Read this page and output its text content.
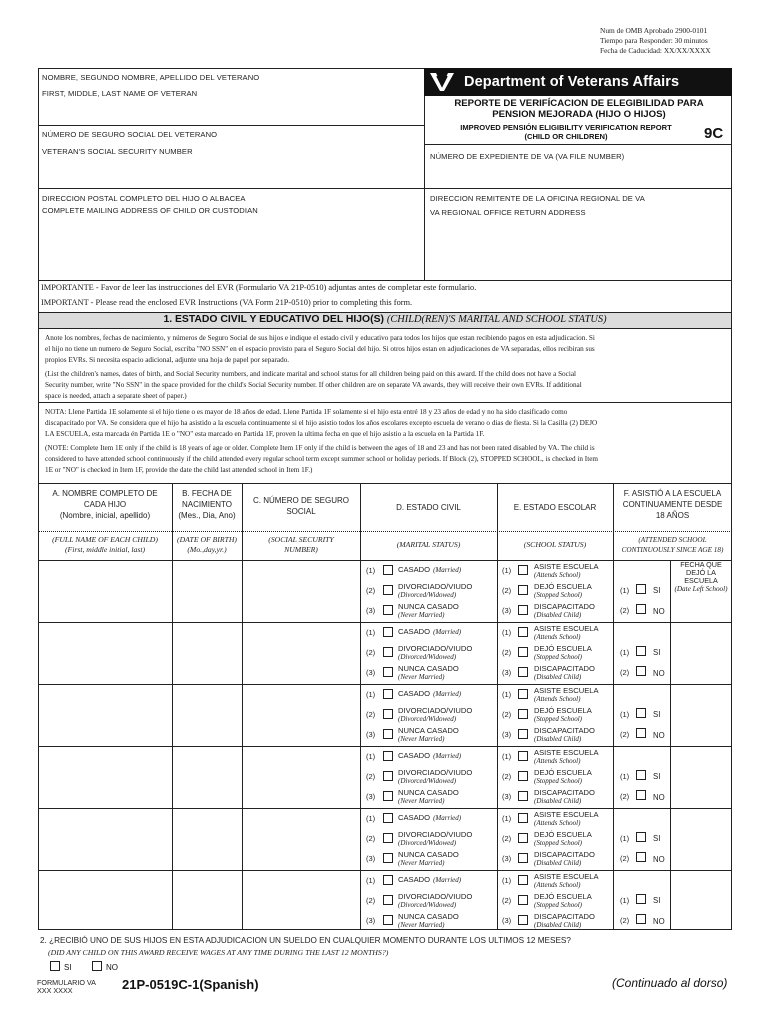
Num de OMB Aprobado 2900-0101
Tiempo para Responder: 30 minutos
Fecha de Caducidad: XX/XX/XXXX
Department of Veterans Affairs
REPORTE DE VERIFÍCACION DE ELEGIBILIDAD PARA
PENSION MEJORADA (HIJO O HIJOS)
IMPROVED PENSIÓN ELIGIBILITY VERIFICATION REPORT
(CHILD OR CHILDREN)	9C
NOMBRE, SEGUNDO NOMBRE, APELLIDO DEL VETERANO
FIRST, MIDDLE, LAST NAME OF VETERAN
NÚMERO DE SEGURO SOCIAL DEL VETERANO
VETERAN'S SOCIAL SECURITY NUMBER
NÚMERO DE EXPEDIENTE DE VA (VA FILE NUMBER)
DIRECCION POSTAL COMPLETO DEL HIJO O ALBACEA
COMPLETE MAILING ADDRESS OF CHILD OR CUSTODIAN
DIRECCION REMITENTE DE LA OFICINA REGIONAL DE VA
VA REGIONAL OFFICE RETURN ADDRESS
IMPORTANTE - Favor de leer las instrucciones del EVR (Formulario VA 21P-0510) adjuntas antes de completar este formulario.
IMPORTANT - Please read the enclosed EVR Instructions (VA Form 21P-0510) prior to completing this form.
1. ESTADO CIVIL Y EDUCATIVO DEL HIJO(S) (CHILD(REN)'S MARITAL AND SCHOOL STATUS)
Anote los nombres, fechas de nacimiento, y números de Seguro Social de sus hijos e indique el estado civil y educativo para todos los hijos que estan recibiendo pagos en esta adjudicacion. Si
el hijo no tiene un numero de Seguro Social, escriba "NO SSN" en el espacio provisto para el Seguro Social del hijo. Si otros hijos estan en adjudicaciones de VA separadas, ellos recibiran sus
propios EVRs. Si necesita espacio adicional, adjunte una hoja de papel por separado.
(List the children's names, dates of birth, and Social Security numbers, and indicate marital and school status for all children being paid on this award. If the child does not have a Social
Security number, write "No SSN" in the space provided for the child's Social Security number. If other children are on separate VA awards, they will receive their own EVRs. If additional
space is needed, attach a separate sheet of paper.)
NOTA: Llene Partida 1E solamente si el hijo tiene o es mayor de 18 años de edad. Llene Partida 1F solamente si el hijo esta entré 18 y 23 años de edad y no ha sido clasificado como
discapacitado por VA. Se considera que el hijo ha asistido a la escuela continuamente si el hijo asistio todos los años escolares excepto escuela de verano o dias de fiesta. Si la Casilla (2) DEJO
LA ESCUELA, esta marcada én Partida 1E o "NO" esta marcado en Partida 1F, proven la ultima fecha en que el hijo asistio a la escuela en la Partida 1F.
(NOTE: Complete Item 1E only if the child is 18 years of age or older. Complete Item 1F only if the child is between the ages of 18 and 23 and has not been rated disabled by VA. The child is
considered to have attended school continuously if the child attended every regular school term except summer school or holiday periods. If Block (2), STOPPED SCHOOL, is checked in Item
1E or "NO" is checked in Item 1F, provide the date the child last attended school in Item 1F.)
A. NOMBRE COMPLETO DE
CADA HIJO
(Nombre, inicial, apellido)
B. FECHA DE
NACIMIENTO
(Mes., Dia, Ano)
C. NÚMERO DE SEGURO
SOCIAL	D. ESTADO CIVIL	E. ESTADO ESCOLAR
F. ASISTIÓ A LA ESCUELA
CONTINUAMENTE DESDE
18 AÑOS
(FULL NAME OF EACH CHILD)
(First, middle initial, last)
(DATE OF BIRTH)
(Mo.,day,yr.)
(SOCIAL SECURITY
NUMBER)
(MARITAL STATUS)	(SCHOOL STATUS)	(ATTENDED SCHOOL
CONTINUOUSLY SINCE AGE 18)
FECHA QUE
DEJÓ LA
ESCUELA
(Date Left School)
(1)	CASADO (Married)	(1)	ASISTE ESCUELA
(Attends School)
(2)	DIVORCIADO/VIUDO
(Divorced/Widowed)	(2)	DEJÓ ESCUELA
(Stopped School)
(3)	NUNCA CASADO
(Never Married)	(3)	DISCAPACITADO
(Disabled Child)
(1)	SI
(2)	NO
(1)	CASADO (Married)	(1)	ASISTE ESCUELA
(Attends School)
(2)	DIVORCIADO/VIUDO
(Divorced/Widowed)	(2)	DEJÓ ESCUELA
(Stopped School)
(3)	NUNCA CASADO
(Never Married)	(3)	DISCAPACITADO
(Disabled Child)
(1)	SI
(2)	NO
(1)	CASADO (Married)	(1)	ASISTE ESCUELA
(Attends School)
(2)	DIVORCIADO/VIUDO
(Divorced/Widowed)	(2)	DEJÓ ESCUELA
(Stopped School)
(3)	NUNCA CASADO
(Never Married)	(3)	DISCAPACITADO
(Disabled Child)
(1)	SI
(2)	NO
(1)	CASADO (Married)	(1)	ASISTE ESCUELA
(Attends School)
(2)	DIVORCIADO/VIUDO
(Divorced/Widowed)	(2)	DEJÓ ESCUELA
(Stopped School)
(3)	NUNCA CASADO
(Never Married)	(3)	DISCAPACITADO
(Disabled Child)
(1)	SI
(2)	NO
(1)	CASADO (Married)	(1)	ASISTE ESCUELA
(Attends School)
(2)	DIVORCIADO/VIUDO
(Divorced/Widowed)	(2)	DEJÓ ESCUELA
(Stopped School)
(3)	NUNCA CASADO
(Never Married)	(3)	DISCAPACITADO
(Disabled Child)
(1)	SI
(2)	NO
(1)	CASADO (Married)	(1)	ASISTE ESCUELA
(Attends School)
(2)	DIVORCIADO/VIUDO
(Divorced/Widowed)	(2)	DEJÓ ESCUELA
(Stopped School)
(3)	NUNCA CASADO
(Never Married)	(3)	DISCAPACITADO
(Disabled Child)
(1)	SI
(2)	NO
2. ¿RECIBIÓ UNO DE SUS HIJOS EN ESTA ADJUDICACION UN SUELDO EN CUALQUIER MOMENTO DURANTE LOS ULTIMOS 12 MESES?
(DID ANY CHILD ON THIS AWARD RECEIVE WAGES AT ANY TIME DURING THE LAST 12 MONTHS?)
SI	NO
FORMULARIO VA
XXX XXXX	21P-0519C-1(Spanish)	(Continuado al dorso)
